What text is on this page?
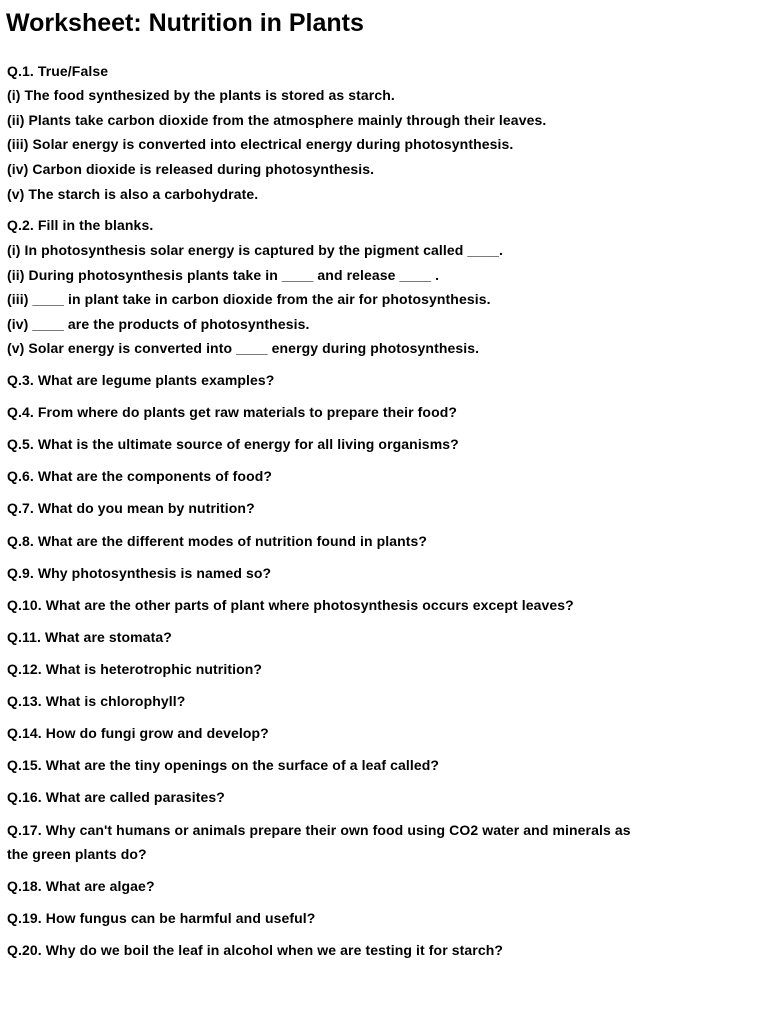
Worksheet: Nutrition in Plants

Q.1. True/False

(i) The food synthesized by the plants is stored as starch.

(ii) Plants take carbon dioxide from the atmosphere mainly through their leaves.

(iii) Solar energy is converted into electrical energy during photosynthesis.

(iv) Carbon dioxide is released during photosynthesis.

(v) The starch is also a carbohydrate.

Q.2. Fill in the blanks.

(i) In photosynthesis solar energy is captured by the pigment called ____.

(ii) During photosynthesis plants take in ____ and release ____ .

(iii) ____ in plant take in carbon dioxide from the air for photosynthesis.

(iv) ____ are the products of photosynthesis.

(v) Solar energy is converted into ____ energy during photosynthesis.

Q.3. What are legume plants examples?

Q.4. From where do plants get raw materials to prepare their food?

Q.5. What is the ultimate source of energy for all living organisms?

Q.6. What are the components of food?

Q.7. What do you mean by nutrition?

Q.8. What are the different modes of nutrition found in plants?

Q.9. Why photosynthesis is named so?

Q.10. What are the other parts of plant where photosynthesis occurs except leaves?

Q.11. What are stomata?

Q.12. What is heterotrophic nutrition?

Q.13. What is chlorophyll?

Q.14. How do fungi grow and develop?

Q.15. What are the tiny openings on the surface of a leaf called?

Q.16. What are called parasites?

Q.17. Why can't humans or animals prepare their own food using CO2 water and minerals as

the green plants do?

Q.18. What are algae?

Q.19. How fungus can be harmful and useful?

Q.20. Why do we boil the leaf in alcohol when we are testing it for starch?
